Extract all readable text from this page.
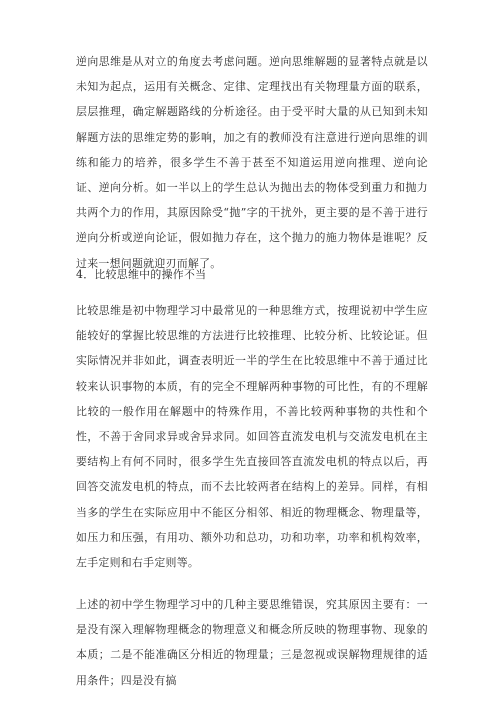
逆向思维是从对立的角度去考虑问题。逆向思维解题的显著特点就是以未知为起点，运用有关概念、定律、定理找出有关物理量方面的联系，层层推理，确定解题路线的分析途径。由于受平时大量的从已知到未知解题方法的思维定势的影响，加之有的教师没有注意进行逆向思维的训练和能力的培养，很多学生不善于甚至不知道运用逆向推理、逆向论证、逆向分析。如一半以上的学生总认为抛出去的物体受到重力和抛力共两个力的作用，其原因除受“抛”字的干扰外，更主要的是不善于进行逆向分析或逆向论证，假如抛力存在，这个抛力的施力物体是谁呢？反过来一想问题就迎刃而解了。

4．比较思维中的操作不当

比较思维是初中物理学习中最常见的一种思维方式，按理说初中学生应能较好的掌握比较思维的方法进行比较推理、比较分析、比较论证。但实际情况并非如此，调查表明近一半的学生在比较思维中不善于通过比较来认识事物的本质，有的完全不理解两种事物的可比性，有的不理解比较的一般作用在解题中的特殊作用，不善比较两种事物的共性和个性，不善于舍同求异或舍异求同。如回答直流发电机与交流发电机在主要结构上有何不同时，很多学生先直接回答直流发电机的特点以后，再回答交流发电机的特点，而不去比较两者在结构上的差异。同样，有相当多的学生在实际应用中不能区分相邻、相近的物理概念、物理量等，如压力和压强，有用功、额外功和总功，功和功率，功率和机构效率，左手定则和右手定则等。

上述的初中学生物理学习中的几种主要思维错误，究其原因主要有：一是没有深入理解物理概念的物理意义和概念所反映的物理事物、现象的本质；二是不能准确区分相近的物理量；三是忽视或误解物理规律的适用条件；四是没有搞
